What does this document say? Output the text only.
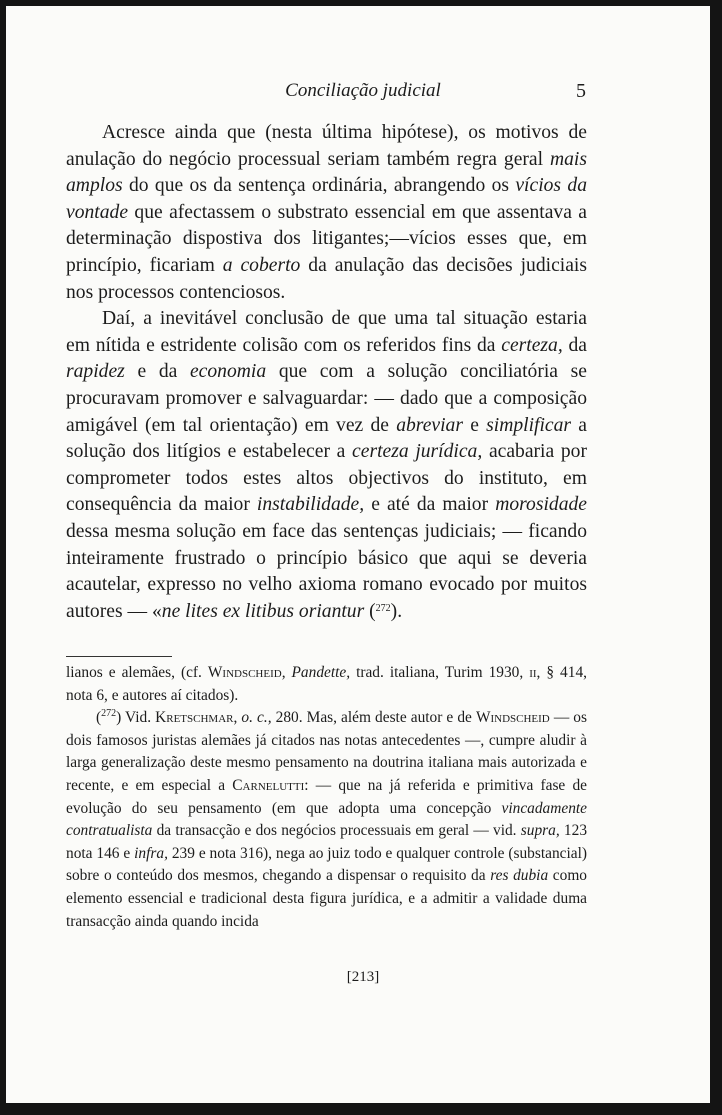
Conciliação judicial	5

Acresce ainda que (nesta última hipótese), os motivos de anulação do negócio processual seriam também regra geral mais amplos do que os da sentença ordinária, abrangendo os vícios da vontade que afectassem o substrato essencial em que assentava a determinação dispostiva dos litigantes;—vícios esses que, em princípio, ficariam a coberto da anulação das decisões judiciais nos processos contenciosos.

Daí, a inevitável conclusão de que uma tal situação estaria em nítida e estridente colisão com os referidos fins da certeza, da rapidez e da economia que com a solução conciliatória se procuravam promover e salvaguardar: — dado que a composição amigável (em tal orientação) em vez de abreviar e simplificar a solução dos litígios e estabelecer a certeza jurídica, acabaria por comprometer todos estes altos objectivos do instituto, em consequência da maior instabilidade, e até da maior morosidade dessa mesma solução em face das sentenças judiciais; — ficando inteiramente frustrado o princípio básico que aqui se deveria acautelar, expresso no velho axioma romano evocado por muitos autores — «ne lites ex litibus oriantur ($^{272}$).

lianos e alemães, (cf. Windscheid, Pandette, trad. italiana, Turim 1930, ii, § 414, nota 6, e autores aí citados).

($^{272}$) Vid. Kretschmar, o. c., 280. Mas, além deste autor e de Windscheid — os dois famosos juristas alemães já citados nas notas antecedentes —, cumpre aludir à larga generalização deste mesmo pensamento na doutrina italiana mais autorizada e recente, e em especial a Carnelutti: — que na já referida e primitiva fase de evolução do seu pensamento (em que adopta uma concepção vincadamente contratualista da transacção e dos negócios processuais em geral — vid. supra, 123 nota 146 e infra, 239 e nota 316), nega ao juiz todo e qualquer controle (substancial) sobre o conteúdo dos mesmos, chegando a dispensar o requisito da res dubia como elemento essencial e tradicional desta figura jurídica, e a admitir a validade duma transacção ainda quando incida

[213]
